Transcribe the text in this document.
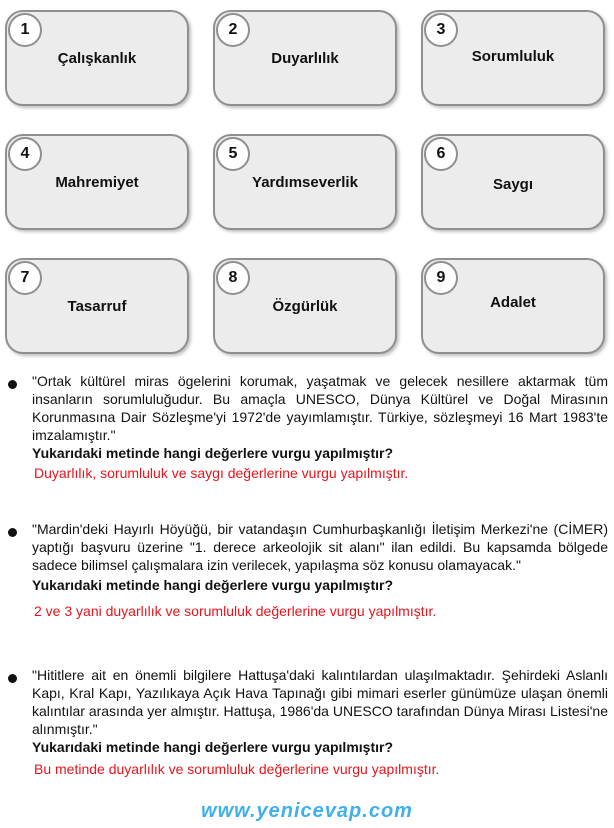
1
Çalışkanlık
2
Duyarlılık
3
Sorumluluk
4
Mahremiyet
5
Yardımseverlik
6
Saygı
7
Tasarruf
8
Özgürlük
9
Adalet
"Ortak kültürel miras ögelerini korumak, yaşatmak ve gelecek nesillere aktarmak tüm insanların sorumluluğudur. Bu amaçla UNESCO, Dünya Kültürel ve Doğal Mirasının Korunmasına Dair Sözleşme'yi 1972'de yayımlamıştır. Türkiye, sözleşmeyi 16 Mart 1983'te imzalamıştır."
Yukarıdaki metinde hangi değerlere vurgu yapılmıştır?
Duyarlılık, sorumluluk ve saygı değerlerine vurgu yapılmıştır.
"Mardin'deki Hayırlı Höyüğü, bir vatandaşın Cumhurbaşkanlığı İletişim Merkezi'ne (CİMER) yaptığı başvuru üzerine "1. derece arkeolojik sit alanı" ilan edildi. Bu kapsamda bölgede sadece bilimsel çalışmalara izin verilecek, yapılaşma söz konusu olamayacak."
Yukarıdaki metinde hangi değerlere vurgu yapılmıştır?
2 ve 3 yani duyarlılık ve sorumluluk değerlerine vurgu yapılmıştır.
"Hititlere ait en önemli bilgilere Hattuşa'daki kalıntılardan ulaşılmaktadır. Şehirdeki Aslanlı Kapı, Kral Kapı, Yazılıkaya Açık Hava Tapınağı gibi mimari eserler günümüze ulaşan önemli kalıntılar arasında yer almıştır. Hattuşa, 1986'da UNESCO tarafından Dünya Mirası Listesi'ne alınmıştır."
Yukarıdaki metinde hangi değerlere vurgu yapılmıştır?
Bu metinde duyarlılık ve sorumluluk değerlerine vurgu yapılmıştır.
www.yenicevap.com
